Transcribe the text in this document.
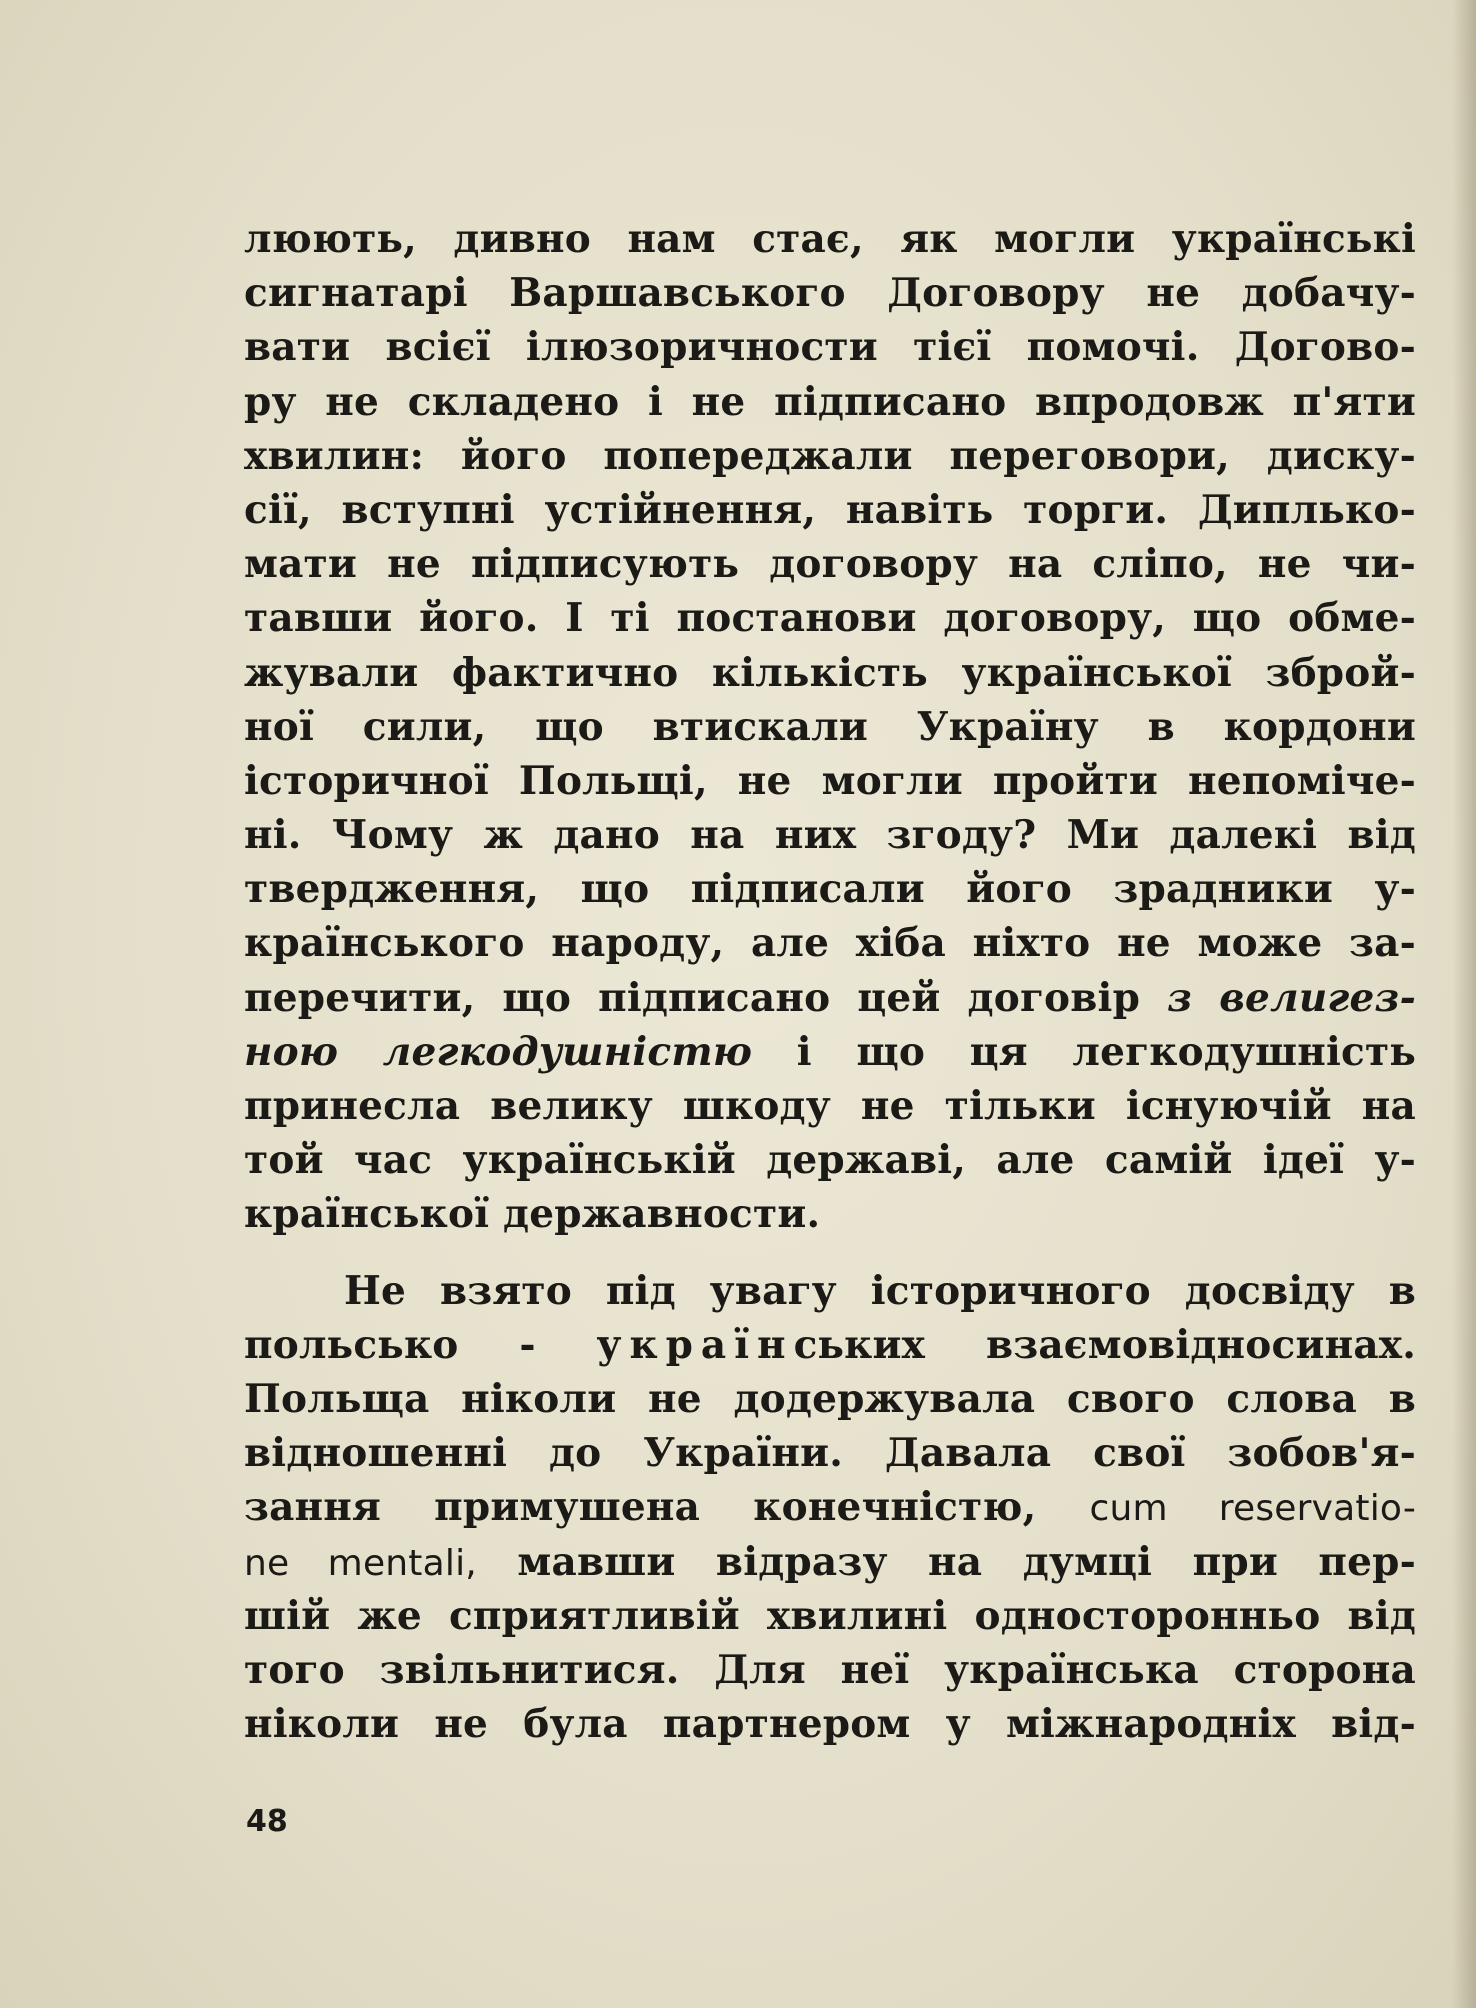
люють, дивно нам стає, як могли українські
сигнатарі Варшавського Договору не добачу-
вати всієї ілюзоричности тієї помочі. Догово-
ру не складено і не підписано впродовж п'яти
хвилин: його попереджали переговори, диску-
сії, вступні устійнення, навіть торги. Диплько-
мати не підписують договору на сліпо, не чи-
тавши його. І ті постанови договору, що обме-
жували фактично кількість української зброй-
ної сили, що втискали Україну в кордони
історичної Польщі, не могли пройти непоміче-
ні. Чому ж дано на них згоду? Ми далекі від
твердження, що підписали його зрадники у-
країнського народу, але хіба ніхто не може за-
перечити, що підписано цей договір з велигез-
ною легкодушністю і що ця легкодушність
принесла велику шкоду не тільки існуючій на
той час українській державі, але самій ідеї у-
країнської державности.
Не взято під увагу історичного досвіду в
польсько - українських взаємовідносинах.
Польща ніколи не додержувала свого слова в
відношенні до України. Давала свої зобов'я-
зання примушена конечністю, cum reservatio-
ne mentali, мавши відразу на думці при пер-
шій же сприятливій хвилині односторонньо від
того звільнитися. Для неї українська сторона
ніколи не була партнером у міжнародніх від-
48
